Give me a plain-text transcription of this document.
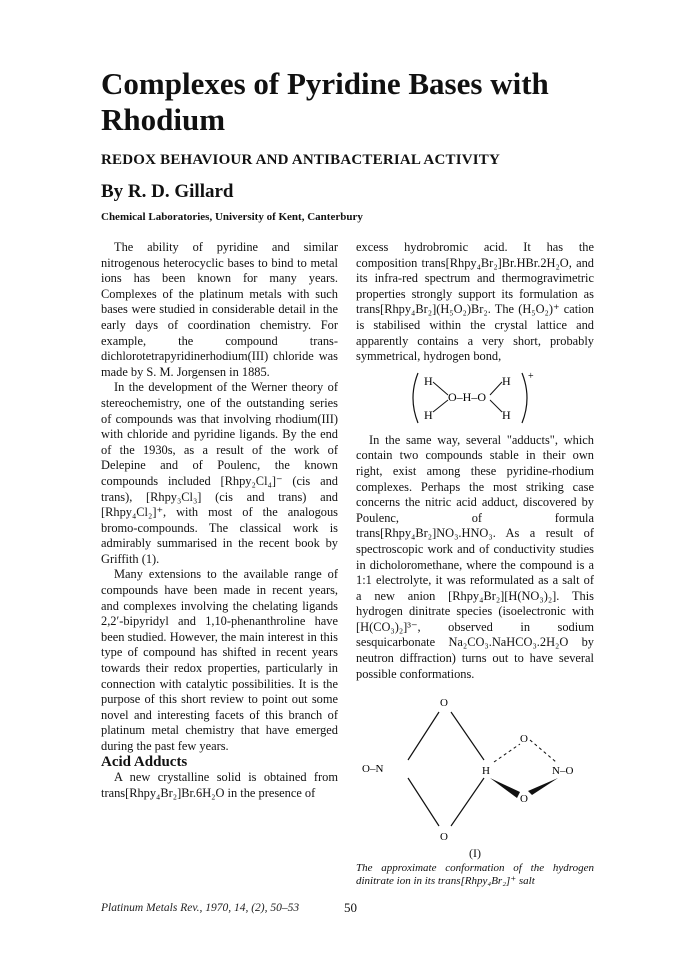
Complexes of Pyridine Bases with Rhodium
REDOX BEHAVIOUR AND ANTIBACTERIAL ACTIVITY
By R. D. Gillard
Chemical Laboratories, University of Kent, Canterbury

The ability of pyridine and similar nitrogenous heterocyclic bases to bind to metal ions has been known for many years. Complexes of the platinum metals with such bases were studied in considerable detail in the early days of coordination chemistry. For example, the compound trans-dichlorotetrapyridinerhodium(III) chloride was made by S. M. Jorgensen in 1885.

In the development of the Werner theory of stereochemistry, one of the outstanding series of compounds was that involving rhodium(III) with chloride and pyridine ligands. By the end of the 1930s, as a result of the work of Delepine and of Poulenc, the known compounds included [Rhpy₂Cl₄]⁻ (cis and trans), [Rhpy₃Cl₃] (cis and trans) and [Rhpy₄Cl₂]⁺, with most of the analogous bromo-compounds. The classical work is admirably summarised in the recent book by Griffith (1).

Many extensions to the available range of compounds have been made in recent years, and complexes involving the chelating ligands 2,2′-bipyridyl and 1,10-phenanthroline have been studied. However, the main interest in this type of compound has shifted in recent years towards their redox properties, particularly in connection with catalytic possibilities. It is the purpose of this short review to point out some novel and interesting facets of this branch of platinum metal chemistry that have emerged during the past few years.

Acid Adducts

A new crystalline solid is obtained from trans[Rhpy₄Br₂]Br.6H₂O in the presence of

excess hydrobromic acid. It has the composition trans[Rhpy₄Br₂]Br.HBr.2H₂O, and its infra-red spectrum and thermogravimetric properties strongly support its formulation as trans[Rhpy₄Br₂](H₅O₂)Br₂. The (H₅O₂)⁺ cation is stabilised within the crystal lattice and apparently contains a very short, probably symmetrical, hydrogen bond,

H	H
O–H–O
H	H
+

In the same way, several "adducts", which contain two compounds stable in their own right, exist among these pyridine-rhodium complexes. Perhaps the most striking case concerns the nitric acid adduct, discovered by Poulenc, of formula trans[Rhpy₄Br₂]NO₃.HNO₃. As a result of spectroscopic work and of conductivity studies in dicholoromethane, where the compound is a 1:1 electrolyte, it was reformulated as a salt of a new anion [Rhpy₄Br₂][H(NO₃)₂]. This hydrogen dinitrate species (isoelectronic with [H(CO₃)₂]³⁻, observed in sodium sesquicarbonate Na₂CO₃.NaHCO₃.2H₂O by neutron diffraction) turns out to have several possible conformations.

O
O–N
O
H
O
N–O
O
(I)

The approximate conformation of the hydrogen dinitrate ion in its trans[Rhpy₄Br₂]⁺ salt

Platinum Metals Rev., 1970, 14, (2), 50–53	50
